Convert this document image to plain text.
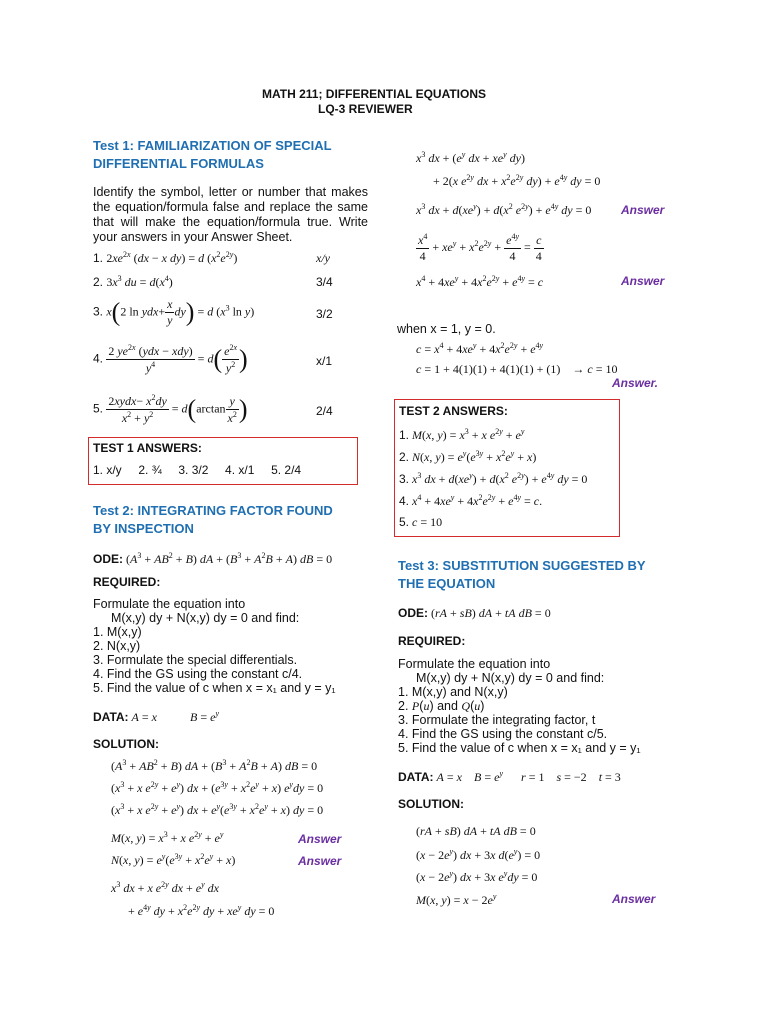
MATH 211; DIFFERENTIAL EQUATIONS
LQ-3 REVIEWER
Test 1: FAMILIARIZATION OF SPECIAL DIFFERENTIAL FORMULAS
Identify the symbol, letter or number that makes the equation/formula false and replace the same that will make the equation/formula true. Write your answers in your Answer Sheet.
1. $2xe^{2x}$ (dx − x dy) = d $(x^2e^{2y})$	x/y
2. $3x^3$ du = $d(x^4)$	3/4
3. x(2 $\ln ydx+ \frac{x}{y} dy) = d$ ($x^3$ ln y)	3/2
4. $\frac{2 ye^{2x} (ydx - xdy)}{y^4} = d( \frac{e^{2x}}{y^2}$ )	x/1
5. $\frac{2xydx- x^2dy}{x^2 + y^2} = d(\arctan \frac{y}{x^2}$ )	2/4
TEST 1 ANSWERS:
1. x/y     2. ¾     3. 3/2     4. x/1     5. 2/4
Test 2: INTEGRATING FACTOR FOUND BY INSPECTION
ODE: $(A^3 + AB^2 + B)$ dA + $(B^3 + A^2B + A)$ dB = 0
REQUIRED:
Formulate the equation into
M(x,y) dy + N(x,y) dy = 0 and find:
1. M(x,y)
2. N(x,y)
3. Formulate the special differentials.
4. Find the GS using the constant c/4.
5. Find the value of c when x = x₁ and y = y₁
DATA: A = x	$B = e^y$
SOLUTION:
$(A^3 + AB^2 + B)$ dA + $(B^3 + A^2B + A)$ dB = 0
($x^3 + x$ $e^{2y} + e^y$) dx + $(e^{3y} + x^2e^y + x) e^ydy = 0$
($x^3 + x$ $e^{2y} + e^y$) dx + $e^y(e^{3y} + x^2e^y + x)$ dy = 0
M(x, $y) = x^3 + x$ $e^{2y} + e^y$	Answer
N(x, $y) = e^y(e^{3y} + x^2e^y + x)$	Answer
$x^3$ dx + x $e^{2y}$ dx + $e^y$ dx
+ $e^{4y}$ dy + $x^2e^{2y}$ dy + $xe^y$ dy = 0
$x^3$ dx + ($e^y$ dx + $xe^y$ dy)
+ 2(x $e^{2y}$ dx + $x^2e^{2y}$ $dy) + e^{4y}$ dy = 0
$x^3$ dx + $d(xe^y) + d(x^2$ $e^{2y}) + e^{4y}$ dy = 0 Answer
$\frac{x^4}{4} + xe^y + x^2e^{2y} + \frac{e^{4y}}{4} = \frac{c}{4}$
$x^4 + 4xe^y + 4x^2e^{2y} + e^{4y} = c$	Answer
when x = 1, y = 0.
$c = x^4 + 4xe^y + 4x^2e^{2y} + e^{4y}$
c = 1 + 4(1)(1) + 4(1)(1) + (1)    → c = 10
Answer.
TEST 2 ANSWERS:
1. M(x, $y) = x^3 + x$ $e^{2y} + e^y$
2. N(x, $y) = e^y(e^{3y} + x^2e^y + x)$
3. $x^3$ dx + $d(xe^y) + d(x^2$ $e^{2y}) + e^{4y}$ dy = 0
4. $x^4 + 4xe^y + 4x^2e^{2y} + e^{4y} = c$.
5. c = 10
Test 3: SUBSTITUTION SUGGESTED BY THE EQUATION
ODE: (rA + sB) dA + tA dB = 0
REQUIRED:
Formulate the equation into
M(x,y) dy + N(x,y) dy = 0 and find:
1. M(x,y) and N(x,y)
2. P(u) and Q(u)
3. Formulate the integrating factor, t
4. Find the GS using the constant c/5.
5. Find the value of c when x = x₁ and y = y₁
DATA: A = x $B = e^y$ r = 1    s = −2    t = 3
SOLUTION:
(rA + sB) dA + tA dB = 0
$(x - 2e^y)$ dx + 3x $d(e^y) = 0$
$(x - 2e^y)$ dx + 3x $e^ydy = 0$
M(x, $y) = x - 2e^y$	Answer
